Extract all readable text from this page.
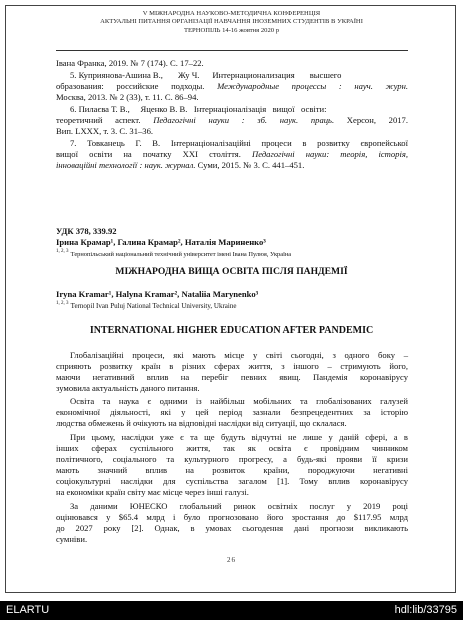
V МІЖНАРОДНА НАУКОВО-МЕТОДИЧНА КОНФЕРЕНЦІЯ
АКТУАЛЬНІ ПИТАННЯ ОРГАНІЗАЦІЇ НАВЧАННЯ ІНОЗЕМНИХ СТУДЕНТІВ В УКРАЇНІ
ТЕРНОПІЛЬ 14-16 жовтня 2020 р
Івана Франка, 2019. № 7 (174). С. 17–22.
5. Куприянова-Ашина В.,       Жу Ч.      Интернационализация       высшего
образования: российские подходы. Международные процессы : науч. журн.
Москва, 2013. № 2 (33), т. 11. С. 86–94.
6. Пилаєва Т. В.,     Яценко В. В.   Інтернаціоналізація   вищої   освіти:
теоретичний аспект. Педагогічні науки : зб. наук. праць. Херсон, 2017.
Вип. LXXX, т. 3. С. 31–36.
7. Товканець Г. В. Інтернаціоналізаційні процеси в розвитку європейської
вищої освіти на початку ХХІ століття. Педагогічні науки: теорія, історія,
інноваційні технології : наук. журнал. Суми, 2015. № 3. С. 441–451.
УДК 378, 339.92
Ірина Крамар¹, Галина Крамар², Наталія Мариненко³
$^{1, 2, 3}$ Тернопільський національний технічний університет імені Івана Пулюя, Україна
МІЖНАРОДНА ВИЩА ОСВІТА ПІСЛЯ ПАНДЕМІЇ
Iryna Kramar¹, Halyna Kramar², Nataliia Marynenko³
$^{1, 2, 3}$ Ternopil Ivan Puluj National Technical University, Ukraine
INTERNATIONAL HIGHER EDUCATION AFTER PANDEMIC
Глобалізаційні процеси, які мають місце у світі сьогодні, з одного боку –
сприяють розвитку країн в різних сферах життя, з іншого – стримують його,
маючи негативний вплив на перебіг певних явищ. Пандемія коронавірусу
зумовила актуальність даного питання.
Освіта та наука є одними із найбільш мобільних та глобалізованих галузей
економічної діяльності, які у цей період зазнали безпрецедентних за історію
людства обмежень й очікують на відповідні наслідки від ситуації, що склалася.
При цьому, наслідки уже є та ще будуть відчутні не лише у даній сфері, а в
інших сферах суспільного життя, так як освіта є провідним чинником
політичного, соціального та культурного прогресу, а будь-які прояви її кризи
мають значний вплив на розвиток країни, породжуючи негативні
соціокультурні наслідки для суспільства загалом [1]. Тому вплив коронавірусу
на економіки країн світу має місце через інші галузі.
За даними ЮНЕСКО глобальний ринок освітніх послуг у 2019 році
оцінювався у $65.4 млрд і було прогнозовано його зростання до $117.95 млрд
до 2027 року [2]. Однак, в умовах сьогодення дані прогнози викликають
сумніви.
26
ELARTU	hdl:lib/33795
